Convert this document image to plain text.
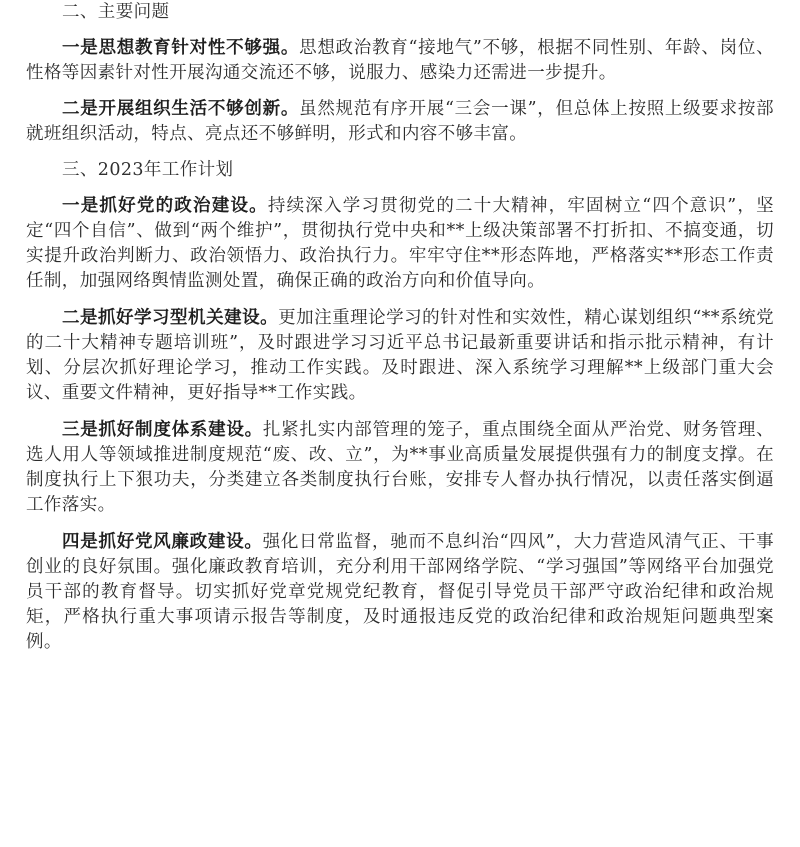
二、主要问题

一是思想教育针对性不够强。思想政治教育“接地气”不够，根据不同性别、年龄、岗位、性格等因素针对性开展沟通交流还不够，说服力、感染力还需进一步提升。

二是开展组织生活不够创新。虽然规范有序开展“三会一课”，但总体上按照上级要求按部就班组织活动，特点、亮点还不够鲜明，形式和内容不够丰富。

三、2023年工作计划

一是抓好党的政治建设。持续深入学习贯彻党的二十大精神，牢固树立“四个意识”，坚定“四个自信”、做到“两个维护”，贯彻执行党中央和**上级决策部署不打折扣、不搞变通，切实提升政治判断力、政治领悟力、政治执行力。牢牢守住**形态阵地，严格落实**形态工作责任制，加强网络舆情监测处置，确保正确的政治方向和价值导向。

二是抓好学习型机关建设。更加注重理论学习的针对性和实效性，精心谋划组织“**系统党的二十大精神专题培训班”，及时跟进学习习近平总书记最新重要讲话和指示批示精神，有计划、分层次抓好理论学习，推动工作实践。及时跟进、深入系统学习理解**上级部门重大会议、重要文件精神，更好指导**工作实践。

三是抓好制度体系建设。扎紧扎实内部管理的笼子，重点围绕全面从严治党、财务管理、选人用人等领域推进制度规范“废、改、立”，为**事业高质量发展提供强有力的制度支撑。在制度执行上下狠功夫，分类建立各类制度执行台账，安排专人督办执行情况，以责任落实倒逼工作落实。

四是抓好党风廉政建设。强化日常监督，驰而不息纠治“四风”，大力营造风清气正、干事创业的良好氛围。强化廉政教育培训，充分利用干部网络学院、“学习强国”等网络平台加强党员干部的教育督导。切实抓好党章党规党纪教育，督促引导党员干部严守政治纪律和政治规矩，严格执行重大事项请示报告等制度，及时通报违反党的政治纪律和政治规矩问题典型案例。
